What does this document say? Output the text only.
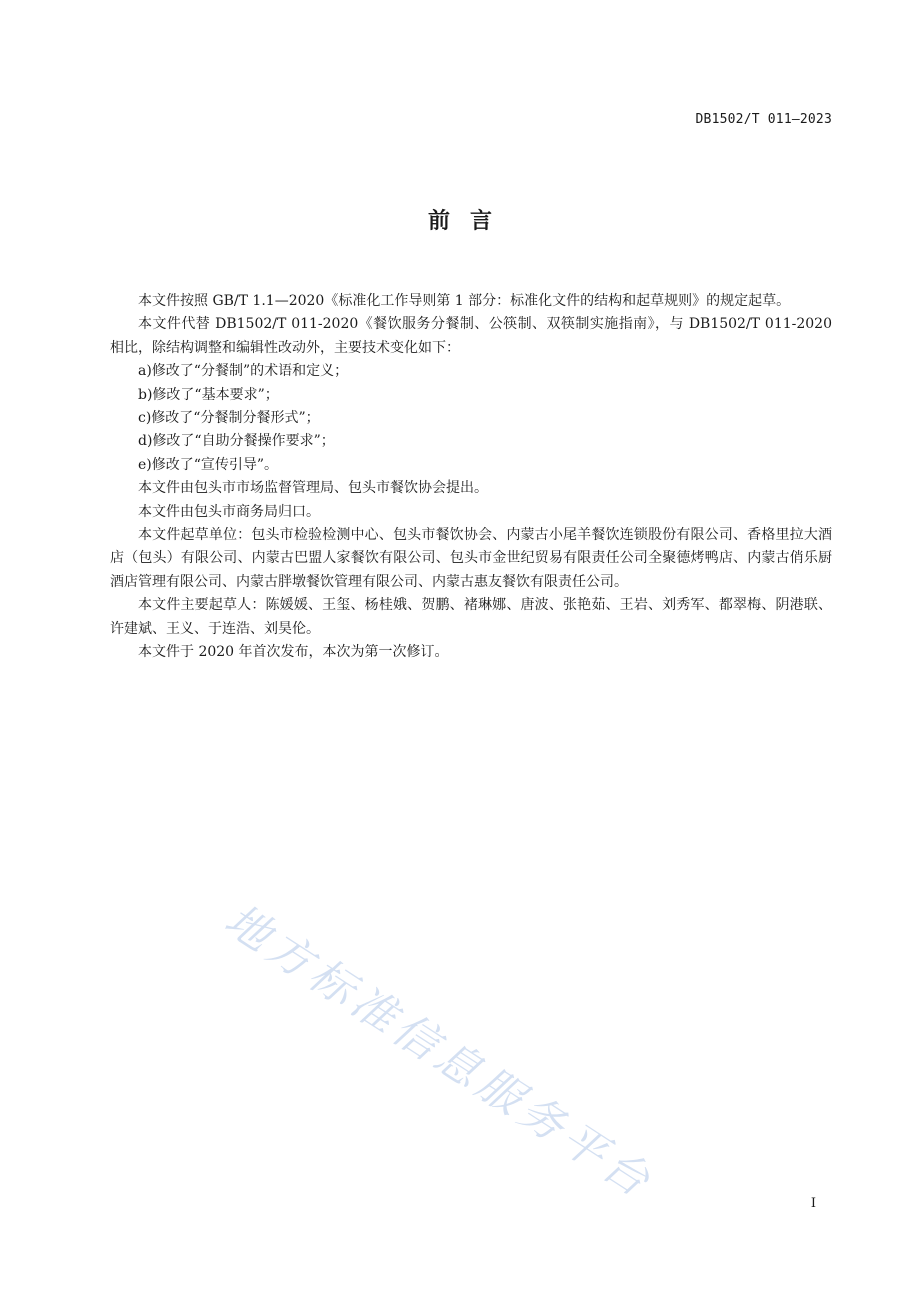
DB1502/T 011—2023
前言

本文件按照 GB/T 1.1—2020《标准化工作导则第 1 部分：标准化文件的结构和起草规则》的规定起草。

本文件代替 DB1502/T 011-2020《餐饮服务分餐制、公筷制、双筷制实施指南》，与 DB1502/T 011-2020 相比，除结构调整和编辑性改动外，主要技术变化如下：

a)修改了“分餐制”的术语和定义；

b)修改了“基本要求”；

c)修改了“分餐制分餐形式”；

d)修改了“自助分餐操作要求”；

e)修改了“宣传引导”。

本文件由包头市市场监督管理局、包头市餐饮协会提出。

本文件由包头市商务局归口。

本文件起草单位：包头市检验检测中心、包头市餐饮协会、内蒙古小尾羊餐饮连锁股份有限公司、香格里拉大酒店（包头）有限公司、内蒙古巴盟人家餐饮有限公司、包头市金世纪贸易有限责任公司全聚德烤鸭店、内蒙古俏乐厨酒店管理有限公司、内蒙古胖墩餐饮管理有限公司、内蒙古惠友餐饮有限责任公司。

本文件主要起草人：陈媛媛、王玺、杨桂娥、贺鹏、褚琳娜、唐波、张艳茹、王岩、刘秀军、都翠梅、阴港联、许建斌、王义、于连浩、刘昊伦。

本文件于 2020 年首次发布，本次为第一次修订。

地方标准信息服务平台	I
